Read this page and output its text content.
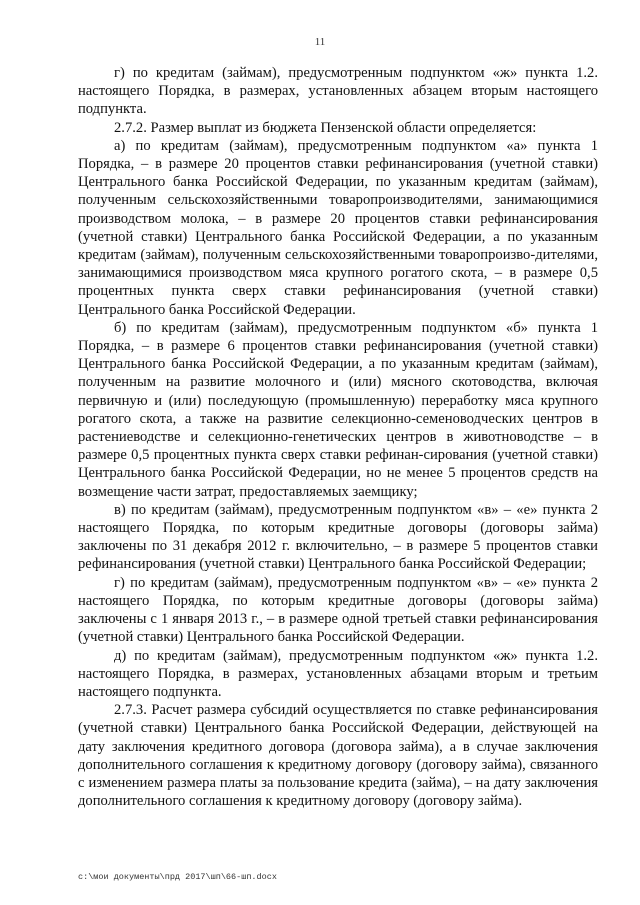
11

г) по кредитам (займам), предусмотренным подпунктом «ж» пункта 1.2. настоящего Порядка, в размерах, установленных абзацем вторым настоящего подпункта.

2.7.2. Размер выплат из бюджета Пензенской области определяется:

а) по кредитам (займам), предусмотренным подпунктом «а» пункта 1 Порядка, – в размере 20 процентов ставки рефинансирования (учетной ставки) Центрального банка Российской Федерации, по указанным кредитам (займам), полученным сельскохозяйственными товаропроизводителями, занимающимися производством молока, – в размере 20 процентов ставки рефинансирования (учетной ставки) Центрального банка Российской Федерации, а по указанным кредитам (займам), полученным сельскохозяйственными товаропроизво-дителями, занимающимися производством мяса крупного рогатого скота, – в размере 0,5 процентных пункта сверх ставки рефинансирования (учетной ставки) Центрального банка Российской Федерации.

б) по кредитам (займам), предусмотренным подпунктом «б» пункта 1 Порядка, – в размере 6 процентов ставки рефинансирования (учетной ставки) Центрального банка Российской Федерации, а по указанным кредитам (займам), полученным на развитие молочного и (или) мясного скотоводства, включая первичную и (или) последующую (промышленную) переработку мяса крупного рогатого скота, а также на развитие селекционно-семеноводческих центров в растениеводстве и селекционно-генетических центров в животноводстве – в размере 0,5 процентных пункта сверх ставки рефинан-сирования (учетной ставки) Центрального банка Российской Федерации, но не менее 5 процентов средств на возмещение части затрат, предоставляемых заемщику;

в) по кредитам (займам), предусмотренным подпунктом «в» – «е» пункта 2 настоящего Порядка, по которым кредитные договоры (договоры займа) заключены по 31 декабря 2012 г. включительно, – в размере 5 процентов ставки рефинансирования (учетной ставки) Центрального банка Российской Федерации;

г) по кредитам (займам), предусмотренным подпунктом «в» – «е» пункта 2 настоящего Порядка, по которым кредитные договоры (договоры займа) заключены с 1 января 2013 г., – в размере одной третьей ставки рефинансирования (учетной ставки) Центрального банка Российской Федерации.

д) по кредитам (займам), предусмотренным подпунктом «ж» пункта 1.2. настоящего Порядка, в размерах, установленных абзацами вторым и третьим настоящего подпункта.

2.7.3. Расчет размера субсидий осуществляется по ставке рефинансирования (учетной ставки) Центрального банка Российской Федерации, действующей на дату заключения кредитного договора (договора займа), а в случае заключения дополнительного соглашения к кредитному договору (договору займа), связанного с изменением размера платы за пользование кредита (займа), – на дату заключения дополнительного соглашения к кредитному договору (договору займа).

c:\мои документы\прд 2017\шп\66-шп.docx
